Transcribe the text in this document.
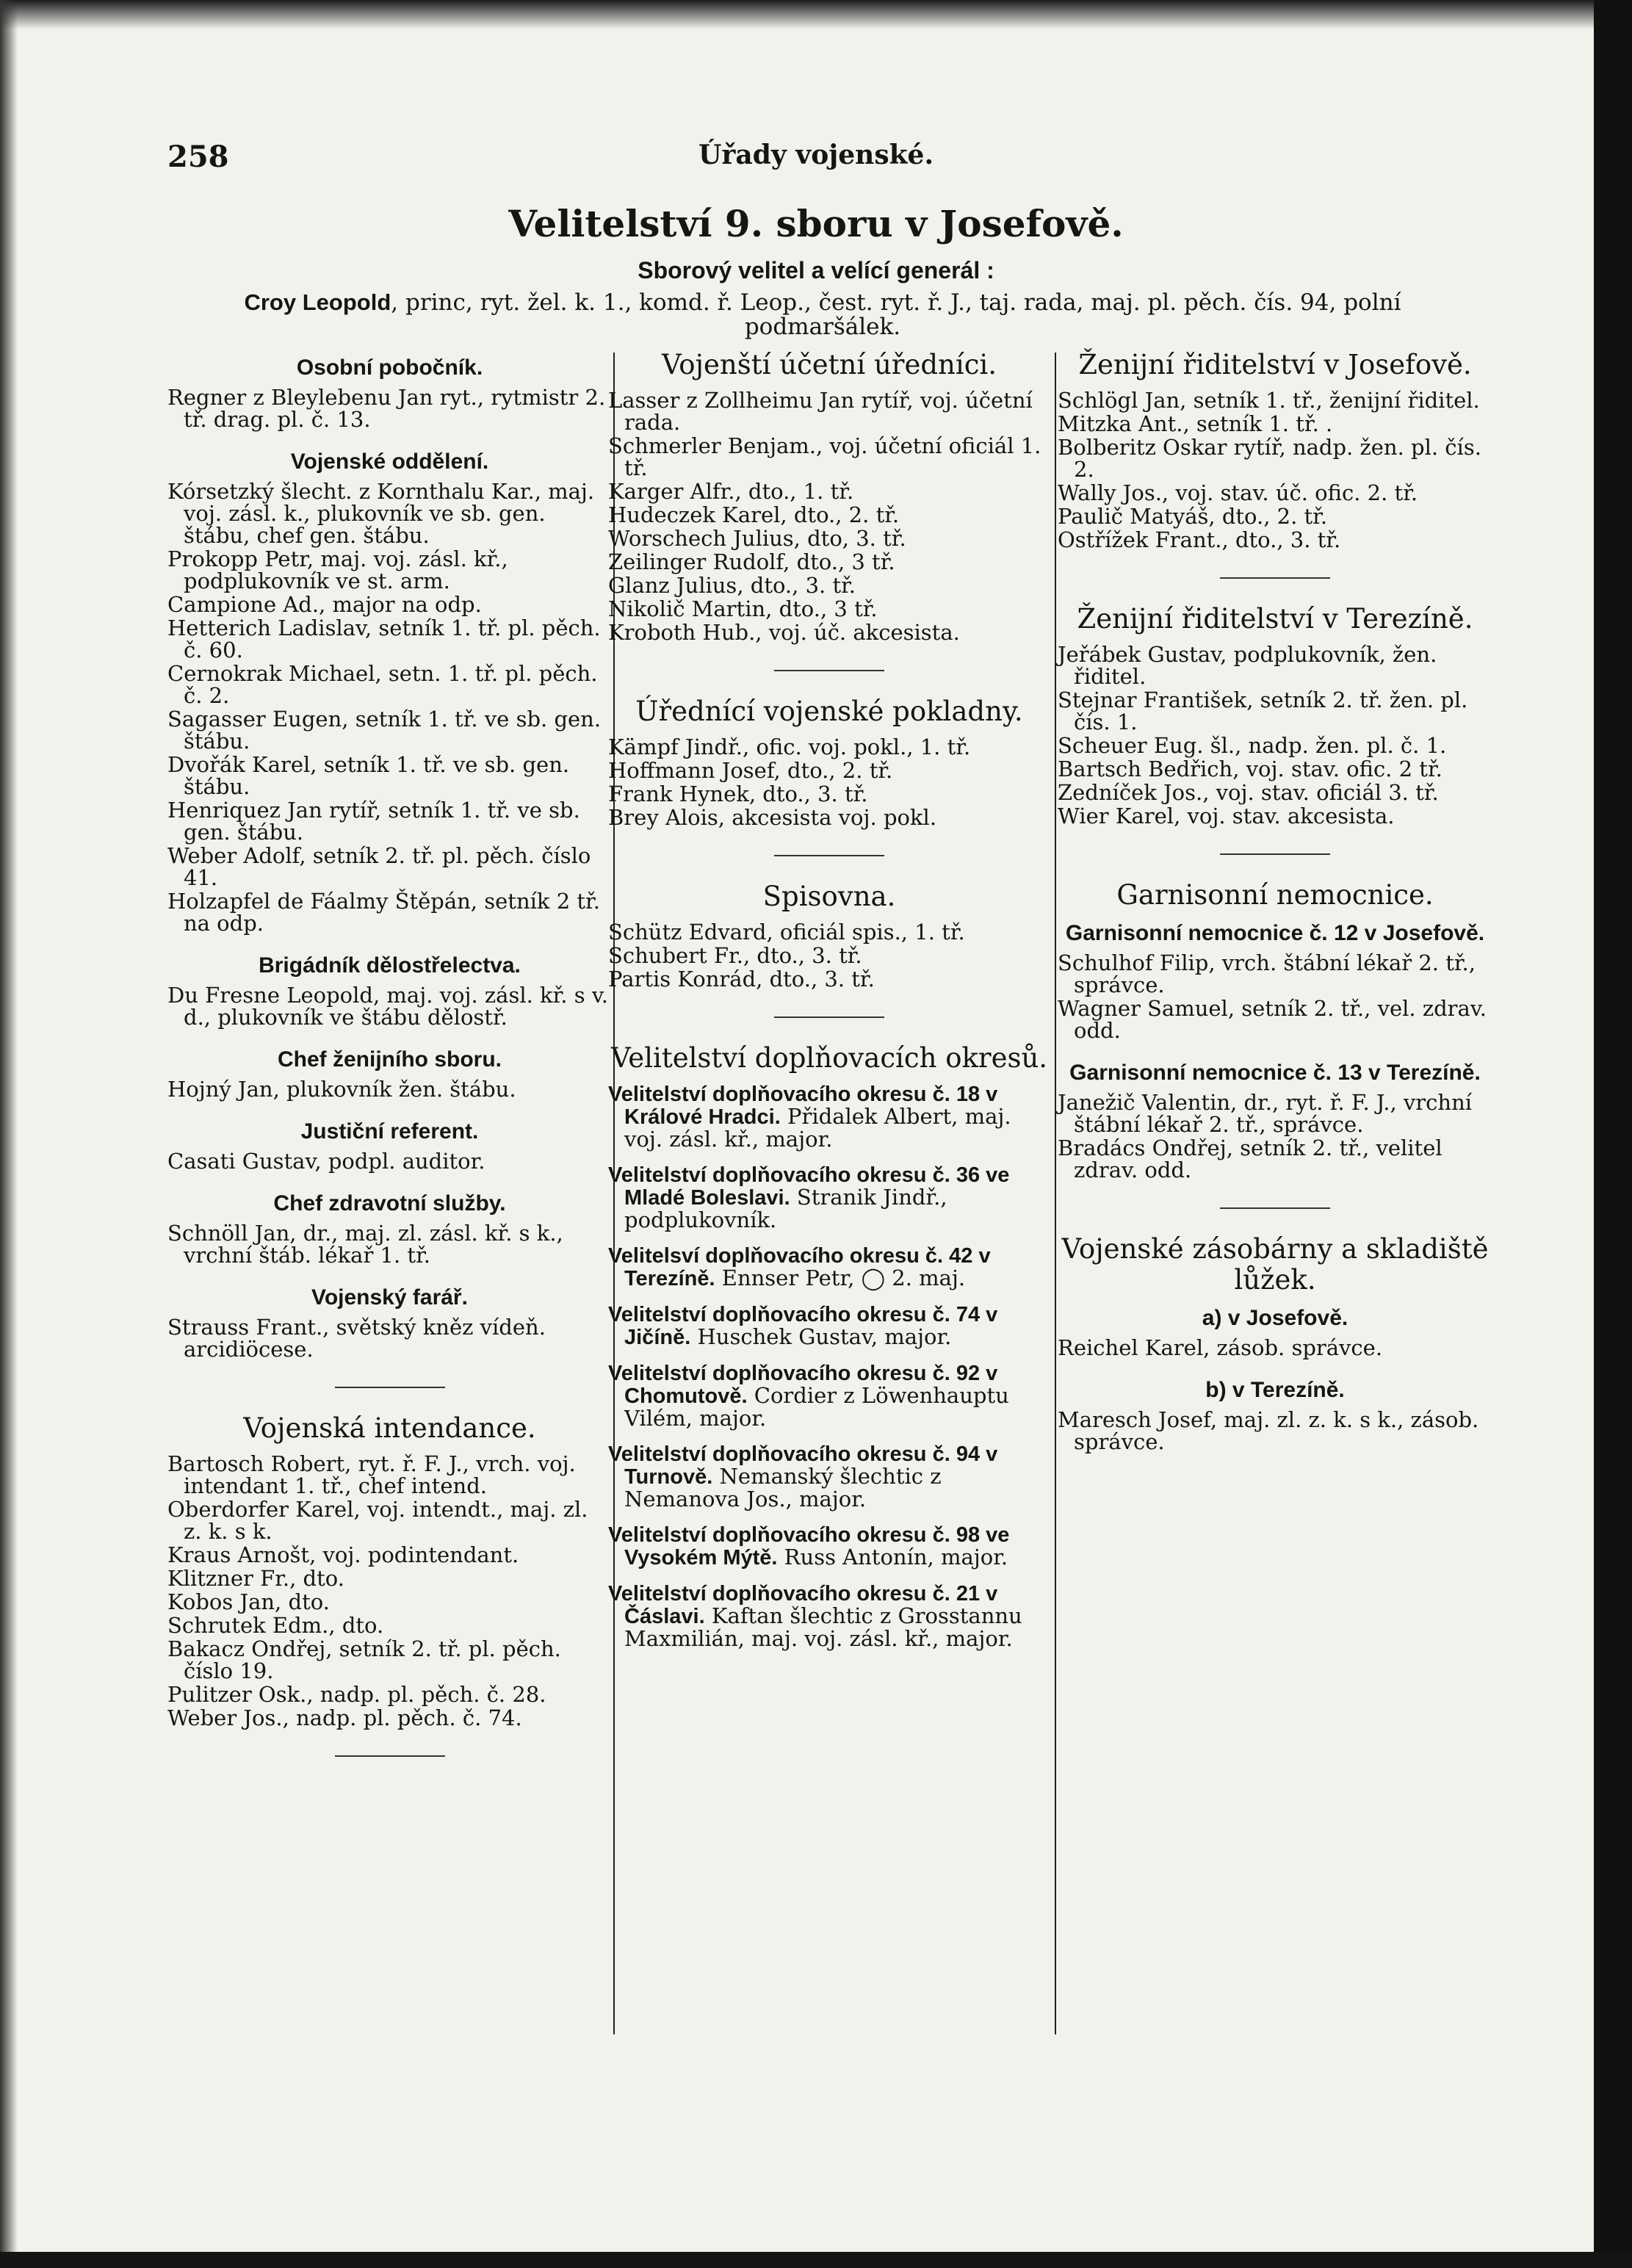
258	Úřady vojenské.
Velitelství 9. sboru v Josefově.
Sborový velitel a velící generál :
Croy Leopold, princ, ryt. žel. k. 1., komd. ř. Leop., čest. ryt. ř. J., taj. rada, maj. pl. pěch. čís. 94, polní podmaršálek.
Osobní pobočník.
Regner z Bleylebenu Jan ryt., rytmistr 2. tř. drag. pl. č. 13.
Vojenské oddělení.
Kórsetzký šlecht. z Kornthalu Kar., maj. voj. zásl. k., plukovník ve sb. gen. štábu, chef gen. štábu.
Prokopp Petr, maj. voj. zásl. kř., podplukovník ve st. arm.
Campione Ad., major na odp.
Hetterich Ladislav, setník 1. tř. pl. pěch. č. 60.
Cernokrak Michael, setn. 1. tř. pl. pěch. č. 2.
Sagasser Eugen, setník 1. tř. ve sb. gen. štábu.
Dvořák Karel, setník 1. tř. ve sb. gen. štábu.
Henriquez Jan rytíř, setník 1. tř. ve sb. gen. štábu.
Weber Adolf, setník 2. tř. pl. pěch. číslo 41.
Holzapfel de Fáalmy Štěpán, setník 2 tř. na odp.
Brigádník dělostřelectva.
Du Fresne Leopold, maj. voj. zásl. kř. s v. d., plukovník ve štábu dělostř.
Chef ženijního sboru.
Hojný Jan, plukovník žen. štábu.
Justiční referent.
Casati Gustav, podpl. auditor.
Chef zdravotní služby.
Schnöll Jan, dr., maj. zl. zásl. kř. s k., vrchní štáb. lékař 1. tř.
Vojenský farář.
Strauss Frant., světský kněz vídeň. arcidiöcese.
Vojenská intendance.
Bartosch Robert, ryt. ř. F. J., vrch. voj. intendant 1. tř., chef intend.
Oberdorfer Karel, voj. intendt., maj. zl. z. k. s k.
Kraus Arnošt, voj. podintendant.
Klitzner Fr., dto.
Kobos Jan, dto.
Schrutek Edm., dto.
Bakacz Ondřej, setník 2. tř. pl. pěch. číslo 19.
Pulitzer Osk., nadp. pl. pěch. č. 28.
Weber Jos., nadp. pl. pěch. č. 74.
Vojenští účetní úředníci.
Lasser z Zollheimu Jan rytíř, voj. účetní rada.
Schmerler Benjam., voj. účetní oficiál 1. tř.
Karger Alfr., dto., 1. tř.
Hudeczek Karel, dto., 2. tř.
Worschech Julius, dto, 3. tř.
Zeilinger Rudolf, dto., 3 tř.
Glanz Julius, dto., 3. tř.
Nikolič Martin, dto., 3 tř.
Kroboth Hub., voj. úč. akcesista.
Úřednící vojenské pokladny.
Kämpf Jindř., ofic. voj. pokl., 1. tř.
Hoffmann Josef, dto., 2. tř.
Frank Hynek, dto., 3. tř.
Brey Alois, akcesista voj. pokl.
Spisovna.
Schütz Edvard, oficiál spis., 1. tř.
Schubert Fr., dto., 3. tř.
Partis Konrád, dto., 3. tř.
Velitelství doplňovacích okresů.
Velitelství doplňovacího okresu č. 18 v Králové Hradci. Přidalek Albert, maj. voj. zásl. kř., major.
Velitelství doplňovacího okresu č. 36 ve Mladé Boleslavi. Stranik Jindř., podplukovník.
Velitelsví doplňovacího okresu č. 42 v Terezíně. Ennser Petr, ◯ 2. maj.
Velitelství doplňovacího okresu č. 74 v Jičíně. Huschek Gustav, major.
Velitelství doplňovacího okresu č. 92 v Chomutově. Cordier z Löwenhauptu Vilém, major.
Velitelství doplňovacího okresu č. 94 v Turnově. Nemanský šlechtic z Nemanova Jos., major.
Velitelství doplňovacího okresu č. 98 ve Vysokém Mýtě. Russ Antonín, major.
Velitelství doplňovacího okresu č. 21 v Čáslavi. Kaftan šlechtic z Grosstannu Maxmilián, maj. voj. zásl. kř., major.
Ženijní řiditelství v Josefově.
Schlögl Jan, setník 1. tř., ženijní řiditel.
Mitzka Ant., setník 1. tř. .
Bolberitz Oskar rytíř, nadp. žen. pl. čís. 2.
Wally Jos., voj. stav. úč. ofic. 2. tř.
Paulič Matyáš, dto., 2. tř.
Ostřížek Frant., dto., 3. tř.
Ženijní řiditelství v Terezíně.
Jeřábek Gustav, podplukovník, žen. řiditel.
Stejnar František, setník 2. tř. žen. pl. čís. 1.
Scheuer Eug. šl., nadp. žen. pl. č. 1.
Bartsch Bedřich, voj. stav. ofic. 2 tř.
Zedníček Jos., voj. stav. oficiál 3. tř.
Wier Karel, voj. stav. akcesista.
Garnisonní nemocnice.
Garnisonní nemocnice č. 12 v Josefově.
Schulhof Filip, vrch. štábní lékař 2. tř., správce.
Wagner Samuel, setník 2. tř., vel. zdrav. odd.
Garnisonní nemocnice č. 13 v Terezíně.
Janežič Valentin, dr., ryt. ř. F. J., vrchní štábní lékař 2. tř., správce.
Bradács Ondřej, setník 2. tř., velitel zdrav. odd.
Vojenské zásobárny a skladiště lůžek.
a) v Josefově.
Reichel Karel, zásob. správce.
b) v Terezíně.
Maresch Josef, maj. zl. z. k. s k., zásob. správce.
